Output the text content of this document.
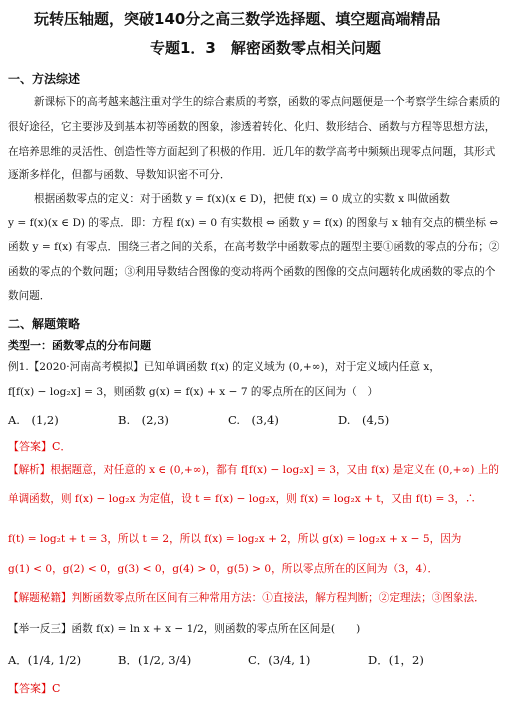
玩转压轴题，突破140分之高三数学选择题、填空题高端精品
专题1．3　解密函数零点相关问题
一、方法综述
新课标下的高考越来越注重对学生的综合素质的考察，函数的零点问题便是一个考察学生综合素质的
很好途径，它主要涉及到基本初等函数的图象，渗透着转化、化归、数形结合、函数与方程等思想方法，
在培养思维的灵活性、创造性等方面起到了积极的作用．近几年的数学高考中频频出现零点问题，其形式
逐渐多样化，但都与函数、导数知识密不可分．
根据函数零点的定义：对于函数 y = f(x)(x ∈ D)，把使 f(x) = 0 成立的实数 x 叫做函数
y = f(x)(x ∈ D) 的零点．即：方程 f(x) = 0 有实数根 ⇔ 函数 y = f(x) 的图象与 x 轴有交点的横坐标 ⇔
函数 y = f(x) 有零点．围绕三者之间的关系，在高考数学中函数零点的题型主要①函数的零点的分布；②
函数的零点的个数问题；③利用导数结合图像的变动将两个函数的图像的交点问题转化成函数的零点的个
数问题．
二、解题策略
类型一：函数零点的分布问题
例1.【2020·河南高考模拟】已知单调函数 f(x) 的定义域为 (0,+∞)，对于定义域内任意 x，
f[f(x) − log₂x] = 3，则函数 g(x) = f(x) + x − 7 的零点所在的区间为（　）
A.　(1,2)	B.　(2,3)	C.　(3,4)	D.　(4,5)
【答案】C．
【解析】根据题意，对任意的 x ∈ (0,+∞)，都有 f[f(x) − log₂x] = 3，又由 f(x) 是定义在 (0,+∞) 上的
单调函数，则 f(x) − log₂x 为定值，设 t = f(x) − log₂x，则 f(x) = log₂x + t，又由 f(t) = 3，∴
f(t) = log₂t + t = 3，所以 t = 2，所以 f(x) = log₂x + 2，所以 g(x) = log₂x + x − 5，因为
g(1) < 0，g(2) < 0，g(3) < 0，g(4) > 0，g(5) > 0，所以零点所在的区间为（3，4）．
【解题秘籍】判断函数零点所在区间有三种常用方法：①直接法，解方程判断；②定理法；③图象法．
【举一反三】函数 f(x) = ln x + x − 1/2，则函数的零点所在区间是(　　)
A．(1/4, 1/2)	B．(1/2, 3/4)	C．(3/4, 1)	D．(1，2)
【答案】C
